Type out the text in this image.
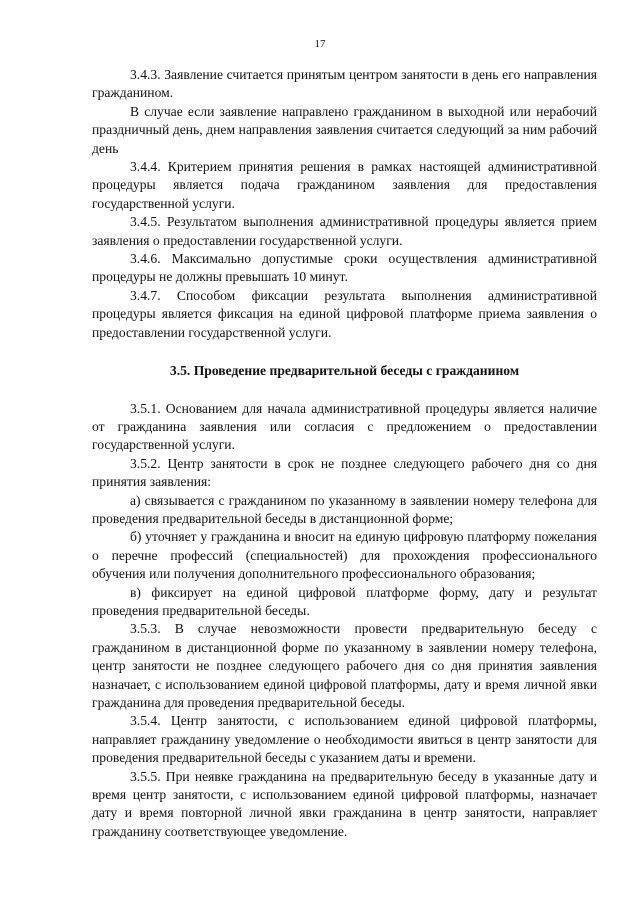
17

3.4.3. Заявление считается принятым центром занятости в день его направления гражданином.

В случае если заявление направлено гражданином в выходной или нерабочий праздничный день, днем направления заявления считается следующий за ним рабочий день

3.4.4. Критерием принятия решения в рамках настоящей административной процедуры является подача гражданином заявления для предоставления государственной услуги.

3.4.5. Результатом выполнения административной процедуры является прием заявления о предоставлении государственной услуги.

3.4.6. Максимально допустимые сроки осуществления административной процедуры не должны превышать 10 минут.

3.4.7. Способом фиксации результата выполнения административной процедуры является фиксация на единой цифровой платформе приема заявления о предоставлении государственной услуги.

3.5. Проведение предварительной беседы с гражданином

3.5.1. Основанием для начала административной процедуры является наличие от гражданина заявления или согласия с предложением о предоставлении государственной услуги.

3.5.2. Центр занятости в срок не позднее следующего рабочего дня со дня принятия заявления:

а) связывается с гражданином по указанному в заявлении номеру телефона для проведения предварительной беседы в дистанционной форме;

б) уточняет у гражданина и вносит на единую цифровую платформу пожелания о перечне профессий (специальностей) для прохождения профессионального обучения или получения дополнительного профессионального образования;

в) фиксирует на единой цифровой платформе форму, дату и результат проведения предварительной беседы.

3.5.3. В случае невозможности провести предварительную беседу с гражданином в дистанционной форме по указанному в заявлении номеру телефона, центр занятости не позднее следующего рабочего дня со дня принятия заявления назначает, с использованием единой цифровой платформы, дату и время личной явки гражданина для проведения предварительной беседы.

3.5.4. Центр занятости, с использованием единой цифровой платформы, направляет гражданину уведомление о необходимости явиться в центр занятости для проведения предварительной беседы с указанием даты и времени.

3.5.5. При неявке гражданина на предварительную беседу в указанные дату и время центр занятости, с использованием единой цифровой платформы, назначает дату и время повторной личной явки гражданина в центр занятости, направляет гражданину соответствующее уведомление.
